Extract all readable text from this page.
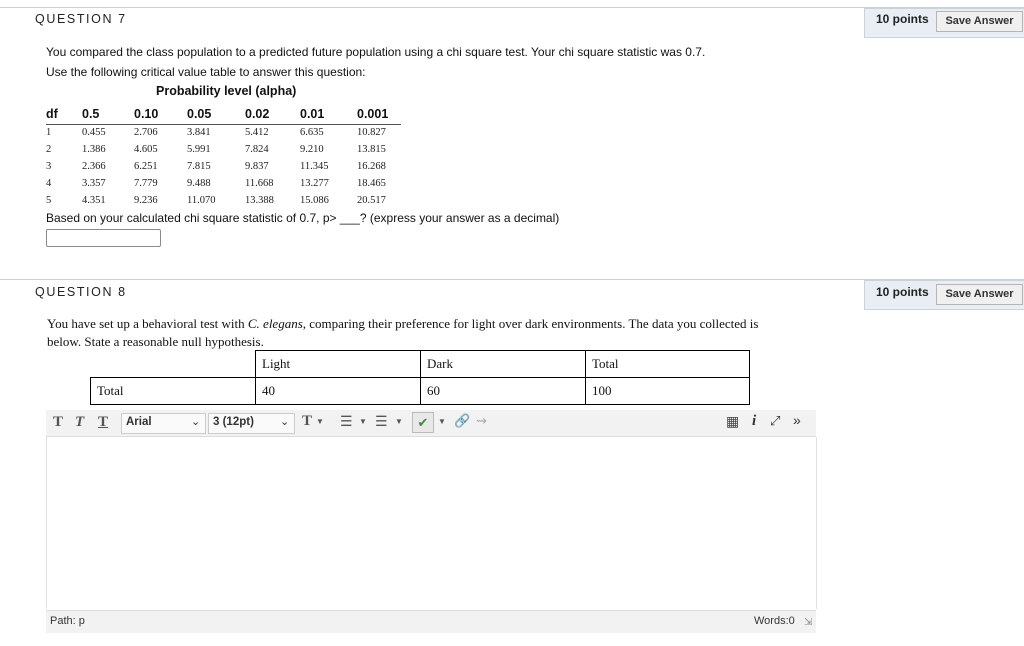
QUESTION 7	10 points	Save Answer
You compared the class population to a predicted future population using a chi square test. Your chi square statistic was 0.7.
Use the following critical value table to answer this question:
Probability level (alpha)
df	0.5	0.10	0.05	0.02	0.01	0.001
1	0.455	2.706	3.841	5.412	6.635	10.827
2	1.386	4.605	5.991	7.824	9.210	13.815
3	2.366	6.251	7.815	9.837	11.345	16.268
4	3.357	7.779	9.488	11.668	13.277	18.465
5	4.351	9.236	11.070	13.388	15.086	20.517
Based on your calculated chi square statistic of 0.7, p> ___? (express your answer as a decimal)
QUESTION 8	10 points	Save Answer
You have set up a behavioral test with C. elegans, comparing their preference for light over dark environments. The data you collected is
below. State a reasonable null hypothesis.
	Light	Dark	Total
Total	40	60	100
T T T Arial	⌄ 3 (12pt) ⌄ T ▼ ☰ ▼ ☰ ▼	✔	▼ 🔗 ⇝	▦ i ⤢ »
Path: p	Words:0 ⇲
